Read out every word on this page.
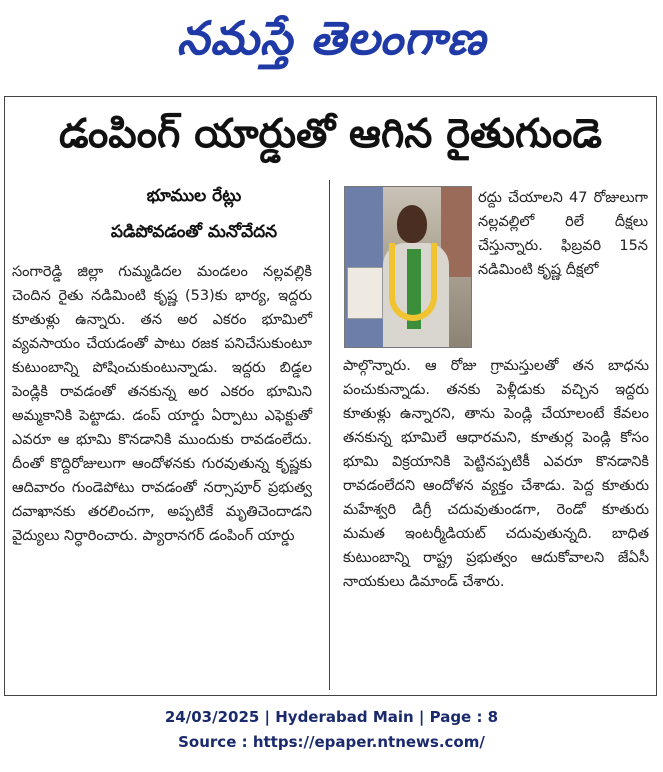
నమస్తే తెలంగాణ
డంపింగ్ యార్డుతో ఆగిన రైతుగుండె
భూముల రేట్లు
పడిపోవడంతో మనోవేదన

సంగారెడ్డి జిల్లా గుమ్మడిదల మండలం నల్లవల్లికి చెందిన రైతు నడిమింటి కృష్ణ (53)కు భార్య, ఇద్దరు కూతుళ్లు ఉన్నారు. తన అర ఎకరం భూమిలో వ్యవసాయం చేయడంతో పాటు రజక పనిచేసుకుంటూ కుటుంబాన్ని పోషించుకుంటున్నాడు. ఇద్దరు బిడ్డల పెండ్లికి రావడంతో తనకున్న అర ఎకరం భూమిని అమ్మకానికి పెట్టాడు. డంప్ యార్డు ఏర్పాటు ఎఫెక్టుతో ఎవరూ ఆ భూమి కొనడానికి ముందుకు రావడంలేదు. దీంతో కొద్దిరోజులుగా ఆందోళనకు గురవుతున్న కృష్ణకు ఆదివారం గుండెపోటు రావడంతో నర్సాపూర్ ప్రభుత్వ దవాఖానకు తరలించగా, అప్పటికే మృతిచెందాడని వైద్యులు నిర్ధారించారు. ప్యారానగర్ డంపింగ్ యార్డు

రద్దు చేయాలని 47 రోజులుగా నల్లవల్లిలో రిలే దీక్షలు చేస్తున్నారు. ఫిబ్రవరి 15న నడిమింటి కృష్ణ దీక్షలో

పాల్గొన్నారు. ఆ రోజు గ్రామస్తులతో తన బాధను పంచుకున్నాడు. తనకు పెళ్లీడుకు వచ్చిన ఇద్దరు కూతుళ్లు ఉన్నారని, తాను పెండ్లి చేయాలంటే కేవలం తనకున్న భూమిలే ఆధారమని, కూతుర్ల పెండ్లి కోసం భూమి విక్రయానికి పెట్టినప్పటికీ ఎవరూ కొనడానికి రావడంలేదని ఆందోళన వ్యక్తం చేశాడు. పెద్ద కూతురు మహేశ్వరి డిగ్రీ చదువుతుండగా, రెండో కూతురు మమత ఇంటర్మీడియట్ చదువుతున్నది. బాధిత కుటుంబాన్ని రాష్ట్ర ప్రభుత్వం ఆదుకోవాలని జేఏసీ నాయకులు డిమాండ్ చేశారు.

24/03/2025 | Hyderabad Main | Page : 8
Source : https://epaper.ntnews.com/
